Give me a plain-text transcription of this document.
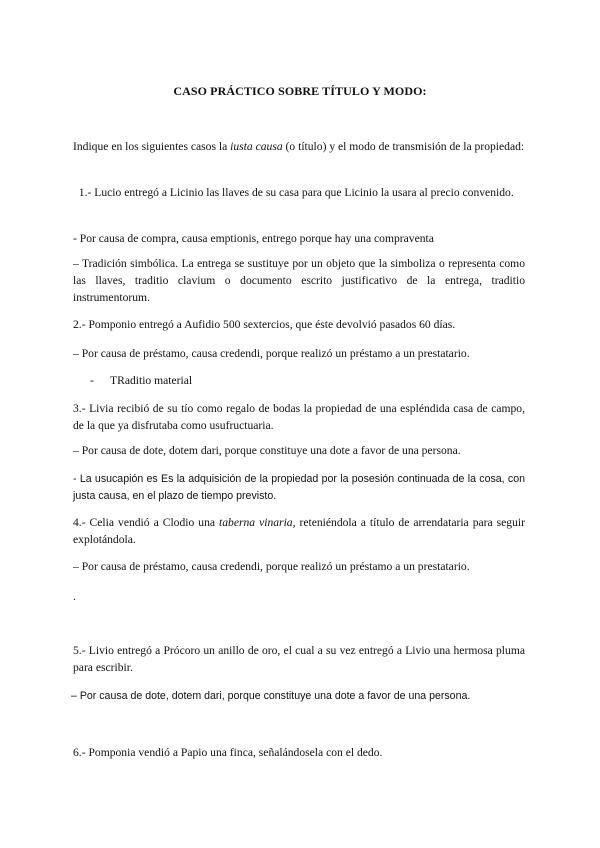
CASO PRÁCTICO SOBRE TÍTULO Y MODO:
Indique en los siguientes casos la iusta causa (o título) y el modo de transmisión de la propiedad:
1.- Lucio entregó a Licinio las llaves de su casa para que Licinio la usara al precio convenido.
- Por causa de compra, causa emptionis, entrego porque hay una compraventa
– Tradición simbólica. La entrega se sustituye por un objeto que la simboliza o representa como las llaves, traditio clavium o documento escrito justificativo de la entrega, traditio instrumentorum.
2.- Pomponio entregó a Aufidio 500 sextercios, que éste devolvió pasados 60 días.
– Por causa de préstamo, causa credendi, porque realizó un préstamo a un prestatario.
- TRaditio material
3.- Livia recibió de su tío como regalo de bodas la propiedad de una espléndida casa de campo, de la que ya disfrutaba como usufructuaria.
– Por causa de dote, dotem dari, porque constituye una dote a favor de una persona.
- La usucapión es Es la adquisición de la propiedad por la posesión continuada de la cosa, con justa causa, en el plazo de tiempo previsto.
4.- Celia vendió a Clodio una taberna vinaria, reteniéndola a título de arrendataria para seguir explotándola.
– Por causa de préstamo, causa credendi, porque realizó un préstamo a un prestatario.
.
5.- Livio entregó a Prócoro un anillo de oro, el cual a su vez entregó a Livio una hermosa pluma para escribir.
– Por causa de dote, dotem dari, porque constituye una dote a favor de una persona.
6.- Pomponia vendió a Papio una finca, señalándosela con el dedo.
